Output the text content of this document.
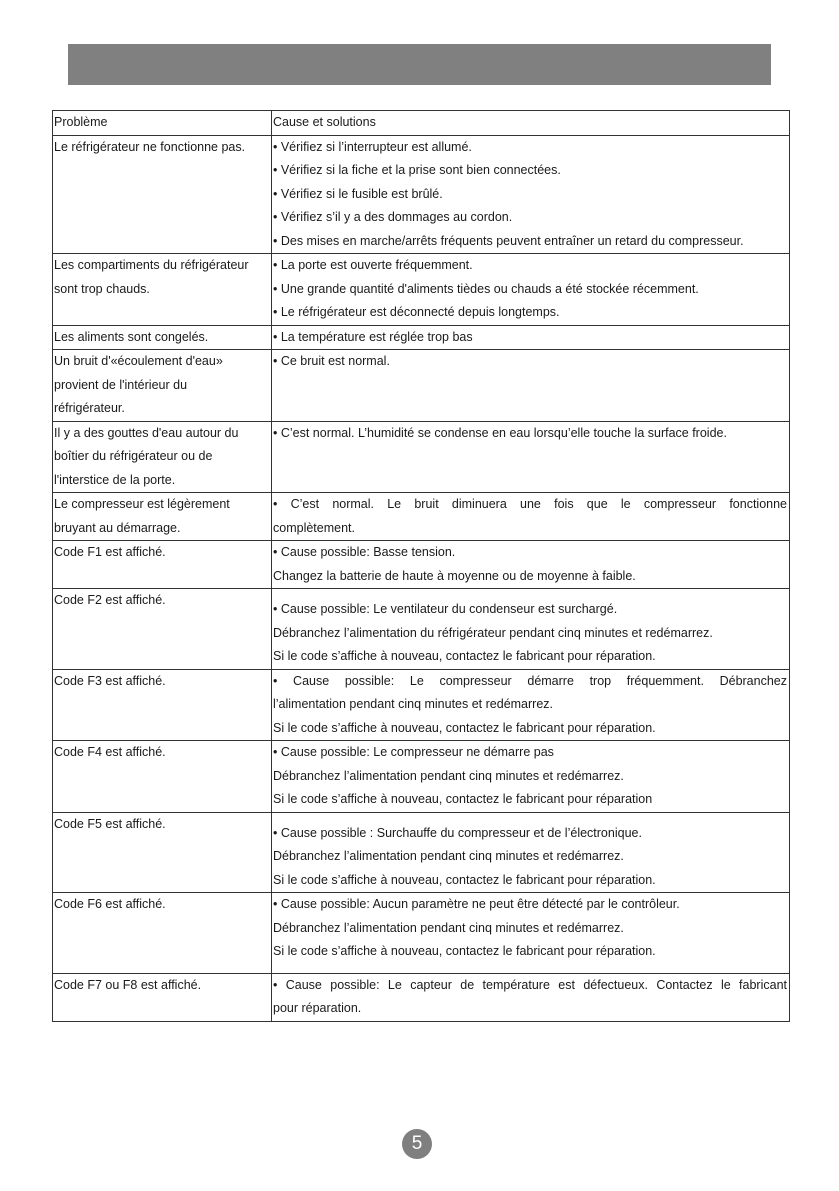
Problème	Cause et solutions

Le réfrigérateur ne fonctionne pas.	• Vérifiez si l’interrupteur est allumé.
• Vérifiez si la fiche et la prise sont bien connectées.
• Vérifiez si le fusible est brûlé.
• Vérifiez s’il y a des dommages au cordon.
• Des mises en marche/arrêts fréquents peuvent entraîner un retard du compresseur.

Les compartiments du réfrigérateur
sont trop chauds.	• La porte est ouverte fréquemment.
• Une grande quantité d'aliments tièdes ou chauds a été stockée récemment.
• Le réfrigérateur est déconnecté depuis longtemps.

Les aliments sont congelés.	• La température est réglée trop bas

Un bruit d'«écoulement d'eau»
provient de l'intérieur du
réfrigérateur.	• Ce bruit est normal.

Il y a des gouttes d'eau autour du
boîtier du réfrigérateur ou de
l'interstice de la porte.	• C’est normal. L’humidité se condense en eau lorsqu’elle touche la surface froide.

Le compresseur est légèrement
bruyant au démarrage.	• C’est normal. Le bruit diminuera une fois que le compresseur fonctionne
complètement.

Code F1 est affiché.	• Cause possible: Basse tension.
Changez la batterie de haute à moyenne ou de moyenne à faible.

Code F2 est affiché.	• Cause possible: Le ventilateur du condenseur est surchargé.
Débranchez l’alimentation du réfrigérateur pendant cinq minutes et redémarrez.
Si le code s’affiche à nouveau, contactez le fabricant pour réparation.

Code F3 est affiché.	• Cause possible: Le compresseur démarre trop fréquemment. Débranchez
l’alimentation pendant cinq minutes et redémarrez.
Si le code s’affiche à nouveau, contactez le fabricant pour réparation.

Code F4 est affiché.	• Cause possible: Le compresseur ne démarre pas
Débranchez l’alimentation pendant cinq minutes et redémarrez.
Si le code s’affiche à nouveau, contactez le fabricant pour réparation

Code F5 est affiché.	• Cause possible : Surchauffe du compresseur et de l’électronique.
Débranchez l’alimentation pendant cinq minutes et redémarrez.
Si le code s’affiche à nouveau, contactez le fabricant pour réparation.

Code F6 est affiché.	• Cause possible: Aucun paramètre ne peut être détecté par le contrôleur.
Débranchez l’alimentation pendant cinq minutes et redémarrez.
Si le code s’affiche à nouveau, contactez le fabricant pour réparation.

Code F7 ou F8 est affiché.	• Cause possible: Le capteur de température est défectueux. Contactez le fabricant
pour réparation.
5
